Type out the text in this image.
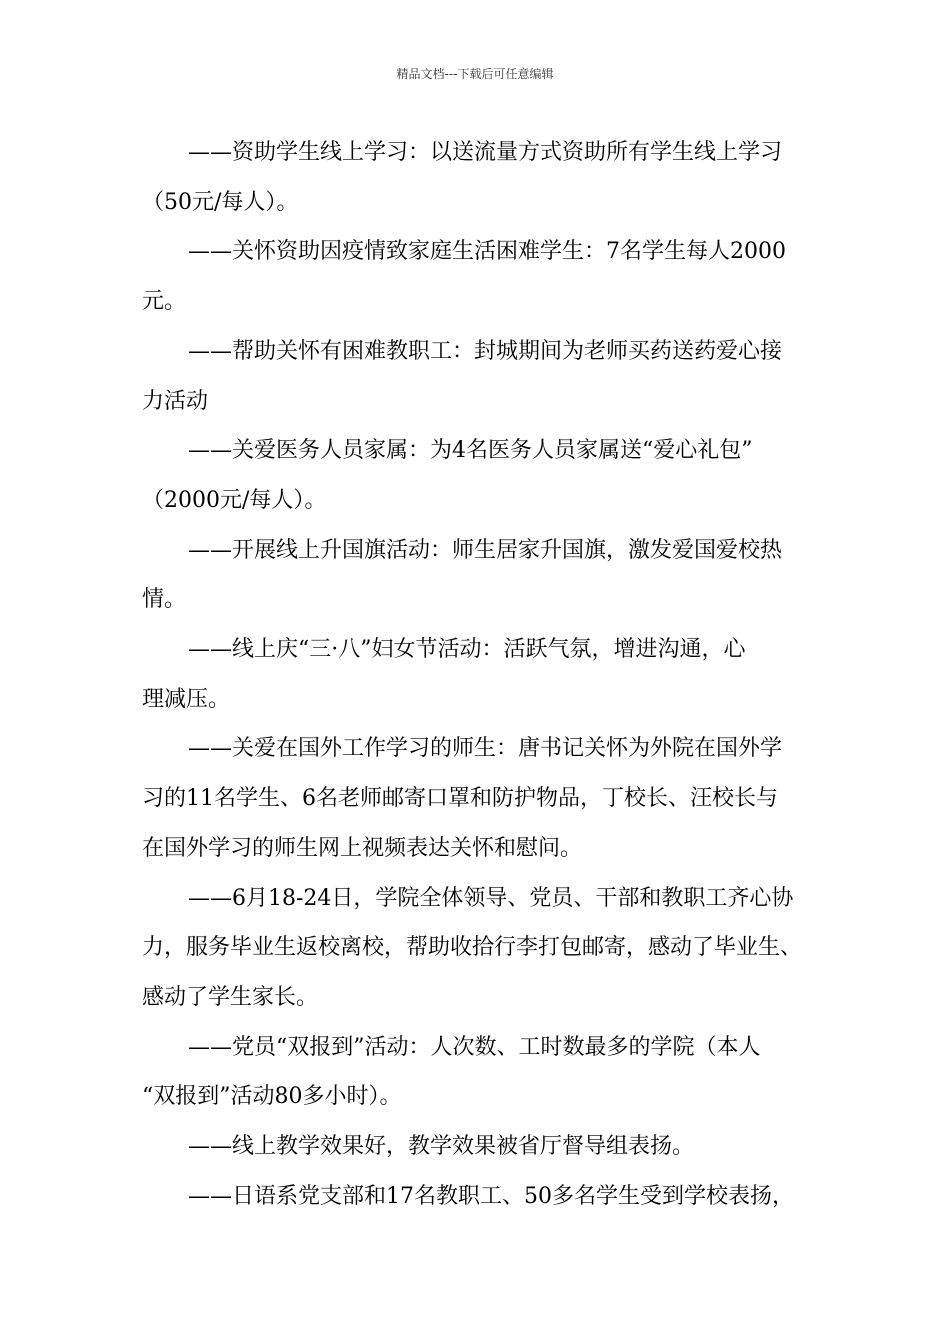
精品文档---下载后可任意编辑

——资助学生线上学习：以送流量方式资助所有学生线上学习
（50元/每人）。

——关怀资助因疫情致家庭生活困难学生：7名学生每人2000
元。

——帮助关怀有困难教职工：封城期间为老师买药送药爱心接
力活动

——关爱医务人员家属：为4名医务人员家属送“爱心礼包”
（2000元/每人）。

——开展线上升国旗活动：师生居家升国旗，激发爱国爱校热
情。

——线上庆“三·八”妇女节活动：活跃气氛，增进沟通，心
理减压。

——关爱在国外工作学习的师生：唐书记关怀为外院在国外学
习的11名学生、6名老师邮寄口罩和防护物品，丁校长、汪校长与
在国外学习的师生网上视频表达关怀和慰问。

——6月18-24日，学院全体领导、党员、干部和教职工齐心协
力，服务毕业生返校离校，帮助收拾行李打包邮寄，感动了毕业生、
感动了学生家长。

——党员“双报到”活动：人次数、工时数最多的学院（本人
“双报到”活动80多小时）。

——线上教学效果好，教学效果被省厅督导组表扬。

——日语系党支部和17名教职工、50多名学生受到学校表扬，
